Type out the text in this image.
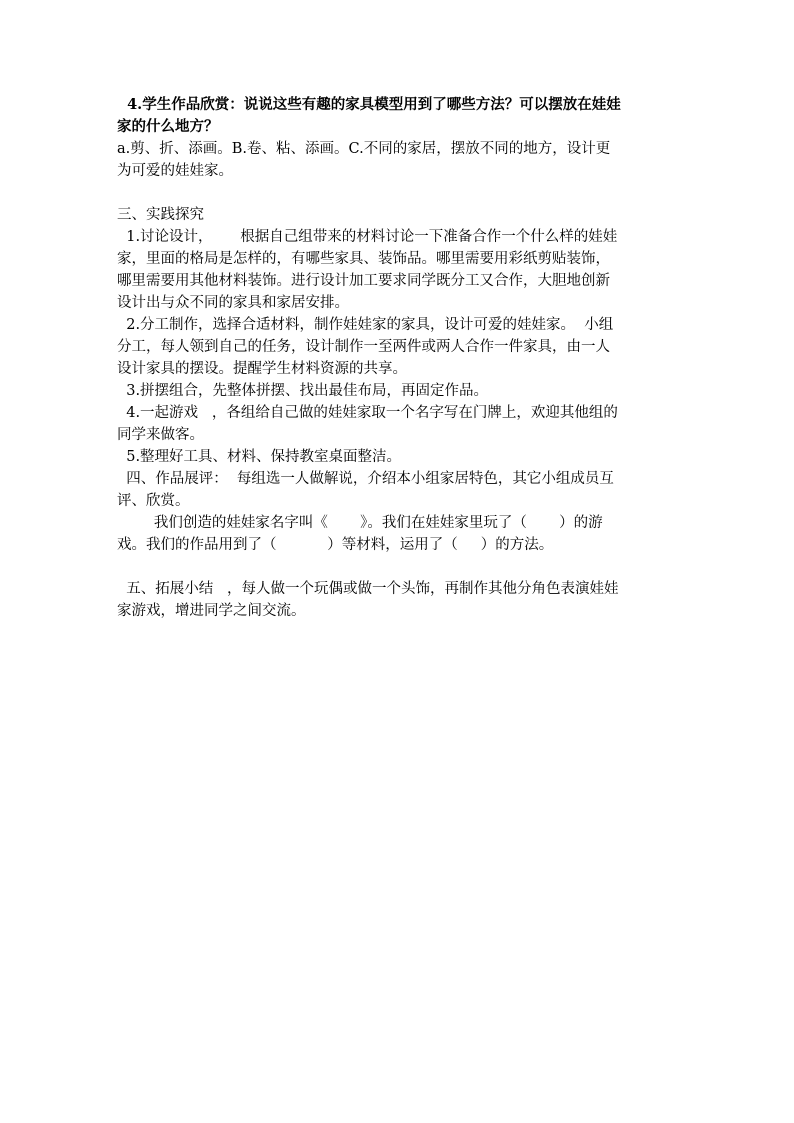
4.学生作品欣赏：说说这些有趣的家具模型用到了哪些方法？可以摆放在娃娃
家的什么地方？
a.剪、折、添画。B.卷、粘、添画。C.不同的家居，摆放不同的地方，设计更
为可爱的娃娃家。
三、实践探究
1.讨论设计，      根据自己组带来的材料讨论一下准备合作一个什么样的娃娃
家，里面的格局是怎样的，有哪些家具、装饰品。哪里需要用彩纸剪贴装饰，
哪里需要用其他材料装饰。进行设计加工要求同学既分工又合作，大胆地创新
设计出与众不同的家具和家居安排。
2.分工制作，选择合适材料，制作娃娃家的家具，设计可爱的娃娃家。  小组
分工，每人领到自己的任务，设计制作一至两件或两人合作一件家具，由一人
设计家具的摆设。提醒学生材料资源的共享。
3.拼摆组合，先整体拼摆、找出最佳布局，再固定作品。
4.一起游戏   ，各组给自己做的娃娃家取一个名字写在门牌上，欢迎其他组的
同学来做客。
5.整理好工具、材料、保持教室桌面整洁。
四、作品展评：  每组选一人做解说，介绍本小组家居特色，其它小组成员互
评、欣赏。
我们创造的娃娃家名字叫《       》。我们在娃娃家里玩了（       ）的游
戏。我们的作品用到了（           ）等材料，运用了（     ）的方法。
五、拓展小结   ，每人做一个玩偶或做一个头饰，再制作其他分角色表演娃娃
家游戏，增进同学之间交流。
